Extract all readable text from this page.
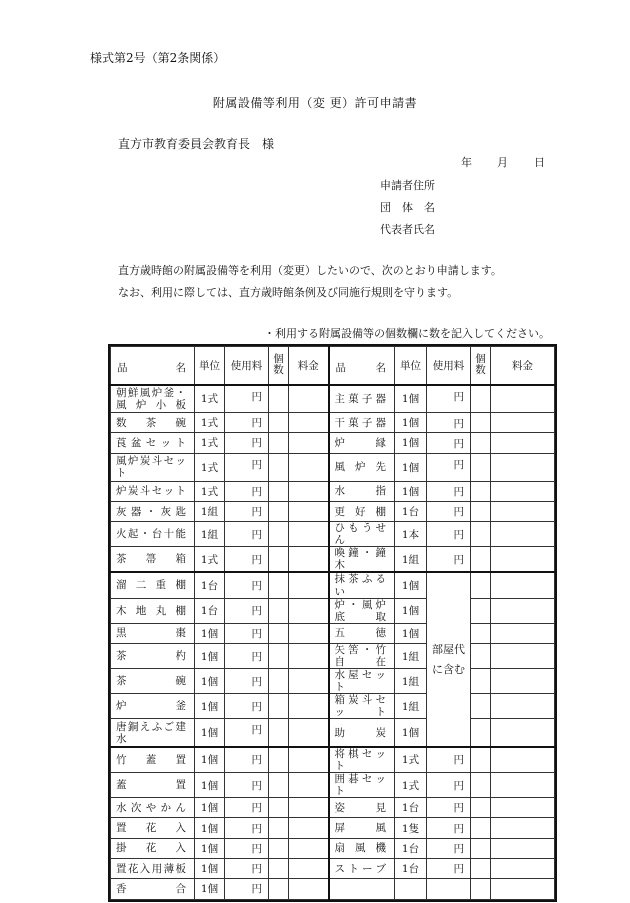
様式第2号（第2条関係）
附属設備等利用（変 更）許可申請書
直方市教育委員会教育長　様
年 月 日
申請者住所
団　体　名
代表者氏名
直方歳時館の附属設備等を利用（変更）したいので、次のとおり申請します。
なお、利用に際しては、直方歳時館条例及び同施行規則を守ります。
・利用する附属設備等の個数欄に数を記入してください。
品 名	単位	使用料	個数	料金	品 名	単位	使用料	個数	料金
朝鮮風炉釜・風炉小板	1式	円			主菓子器	1個	円		
数茶碗	1式	円			干菓子器	1個	円		
莨盆セット	1式	円			炉縁	1個	円		
風炉炭斗セット	1式	円			風炉先	1個	円		
炉炭斗セット	1式	円			水指	1個	円		
灰器・灰匙	1組	円			更好棚	1台	円		
火起・台十能	1組	円			ひもうせん	1本	円		
茶箒箱	1式	円			喚鐘・鐘木	1組	円		
溜二重棚	1台	円			抹茶ふるい	1個	部屋代に含む		
木地丸棚	1台	円			炉・風炉底取	1個			
黒棗	1個	円			五徳	1個			
茶杓	1個	円			矢筈・竹自在	1組			
茶碗	1個	円			水屋セット	1組			
炉釜	1個	円			箱炭斗セット	1組			
唐銅えふご建水	1個	円			助炭	1個			
竹蓋置	1個	円			将棋セット	1式	円		
蓋置	1個	円			囲碁セット	1式	円		
水次やかん	1個	円			姿見	1台	円		
置花入	1個	円			屏風	1隻	円		
掛花入	1個	円			扇風機	1台	円		
置花入用薄板	1個	円			ストーブ	1台	円		
香合	1個	円							
